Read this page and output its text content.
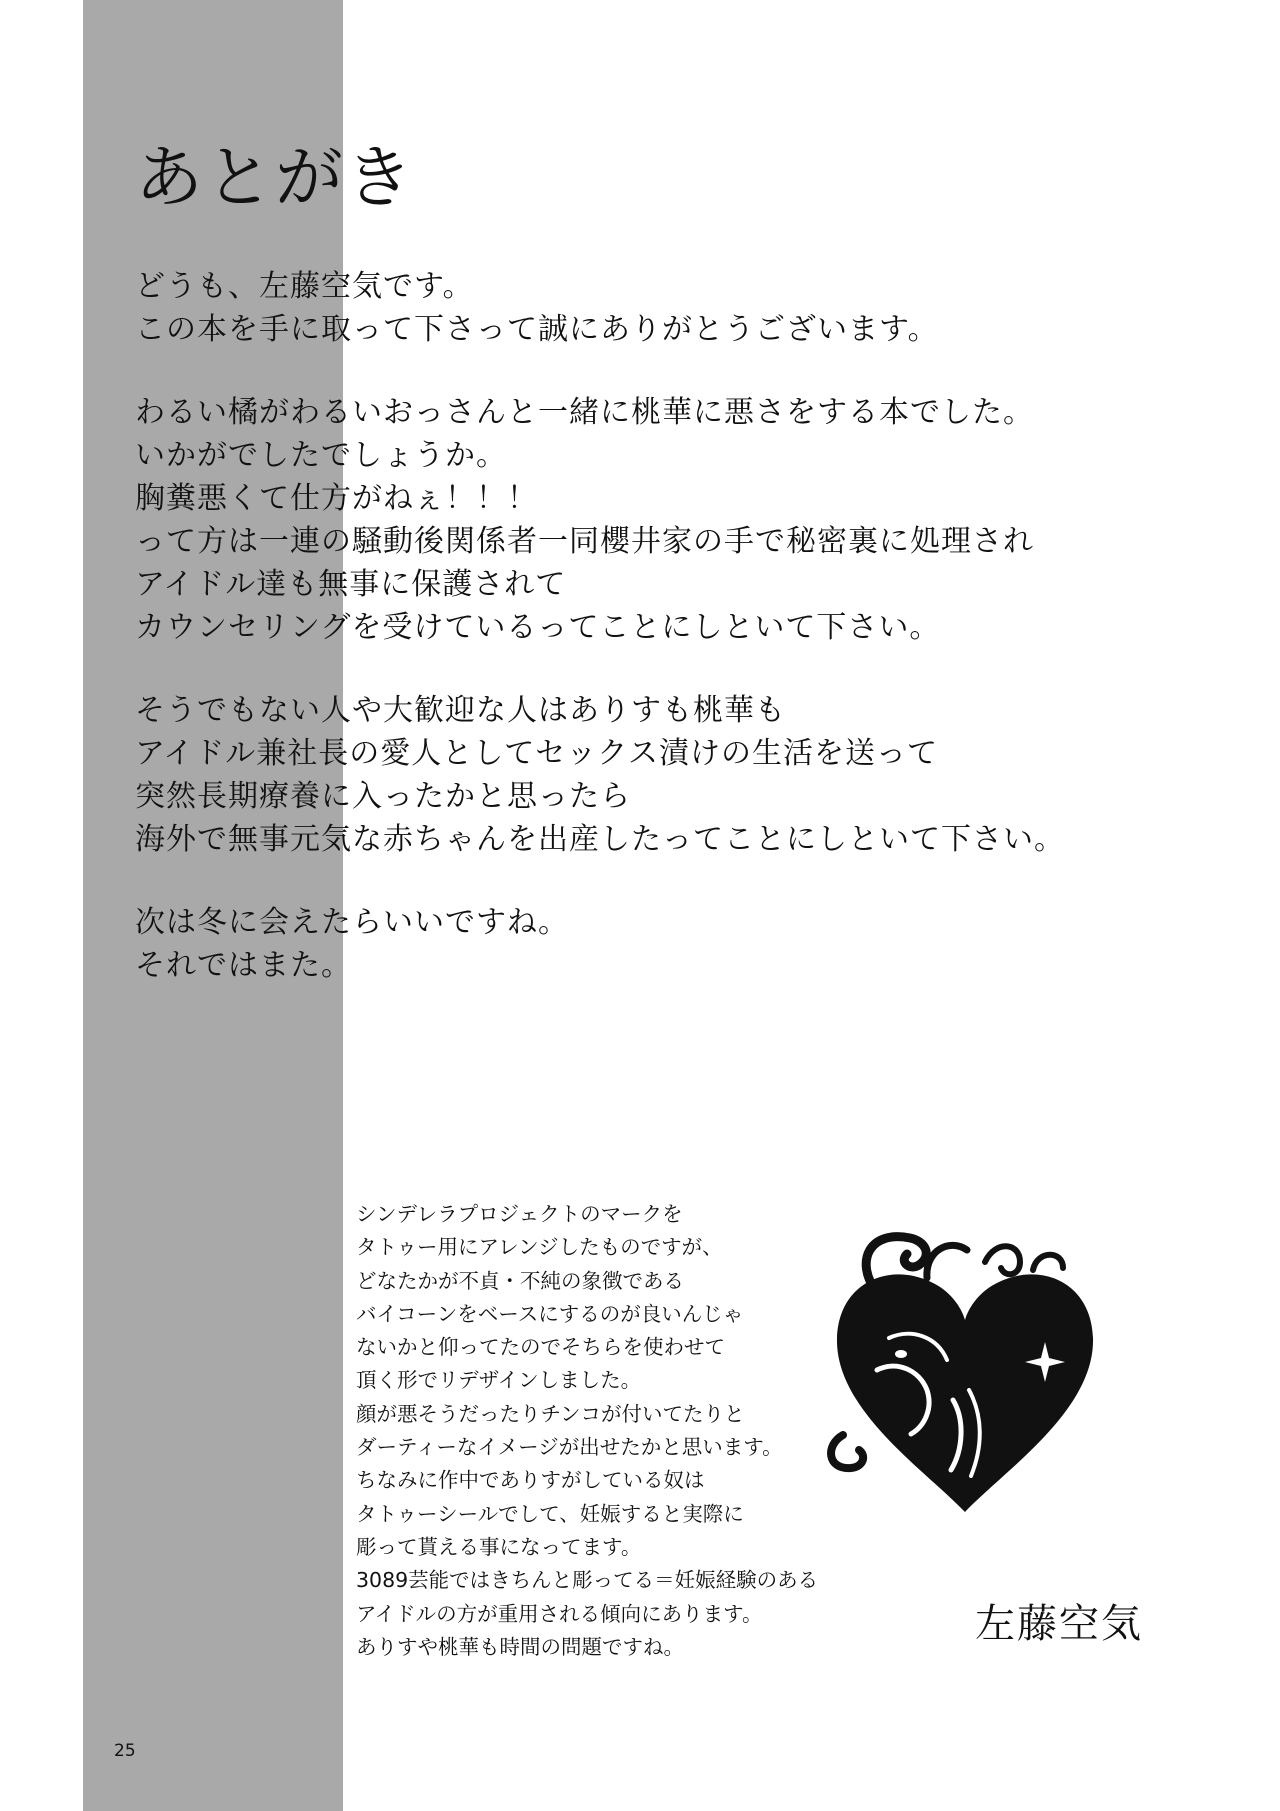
あとがき
どうも、左藤空気です。
この本を手に取って下さって誠にありがとうございます。
わるい橘がわるいおっさんと一緒に桃華に悪さをする本でした。
いかがでしたでしょうか。
胸糞悪くて仕方がねぇ！！！
って方は一連の騒動後関係者一同櫻井家の手で秘密裏に処理され
アイドル達も無事に保護されて
カウンセリングを受けているってことにしといて下さい。
そうでもない人や大歓迎な人はありすも桃華も
アイドル兼社長の愛人としてセックス漬けの生活を送って
突然長期療養に入ったかと思ったら
海外で無事元気な赤ちゃんを出産したってことにしといて下さい。
次は冬に会えたらいいですね。
それではまた。
シンデレラプロジェクトのマークを
タトゥー用にアレンジしたものですが、
どなたかが不貞・不純の象徴である
バイコーンをベースにするのが良いんじゃ
ないかと仰ってたのでそちらを使わせて
頂く形でリデザインしました。
顔が悪そうだったりチンコが付いてたりと
ダーティーなイメージが出せたかと思います。
ちなみに作中でありすがしている奴は
タトゥーシールでして、妊娠すると実際に
彫って貰える事になってます。
3089芸能ではきちんと彫ってる＝妊娠経験のある
アイドルの方が重用される傾向にあります。
ありすや桃華も時間の問題ですね。	左藤空気
25
